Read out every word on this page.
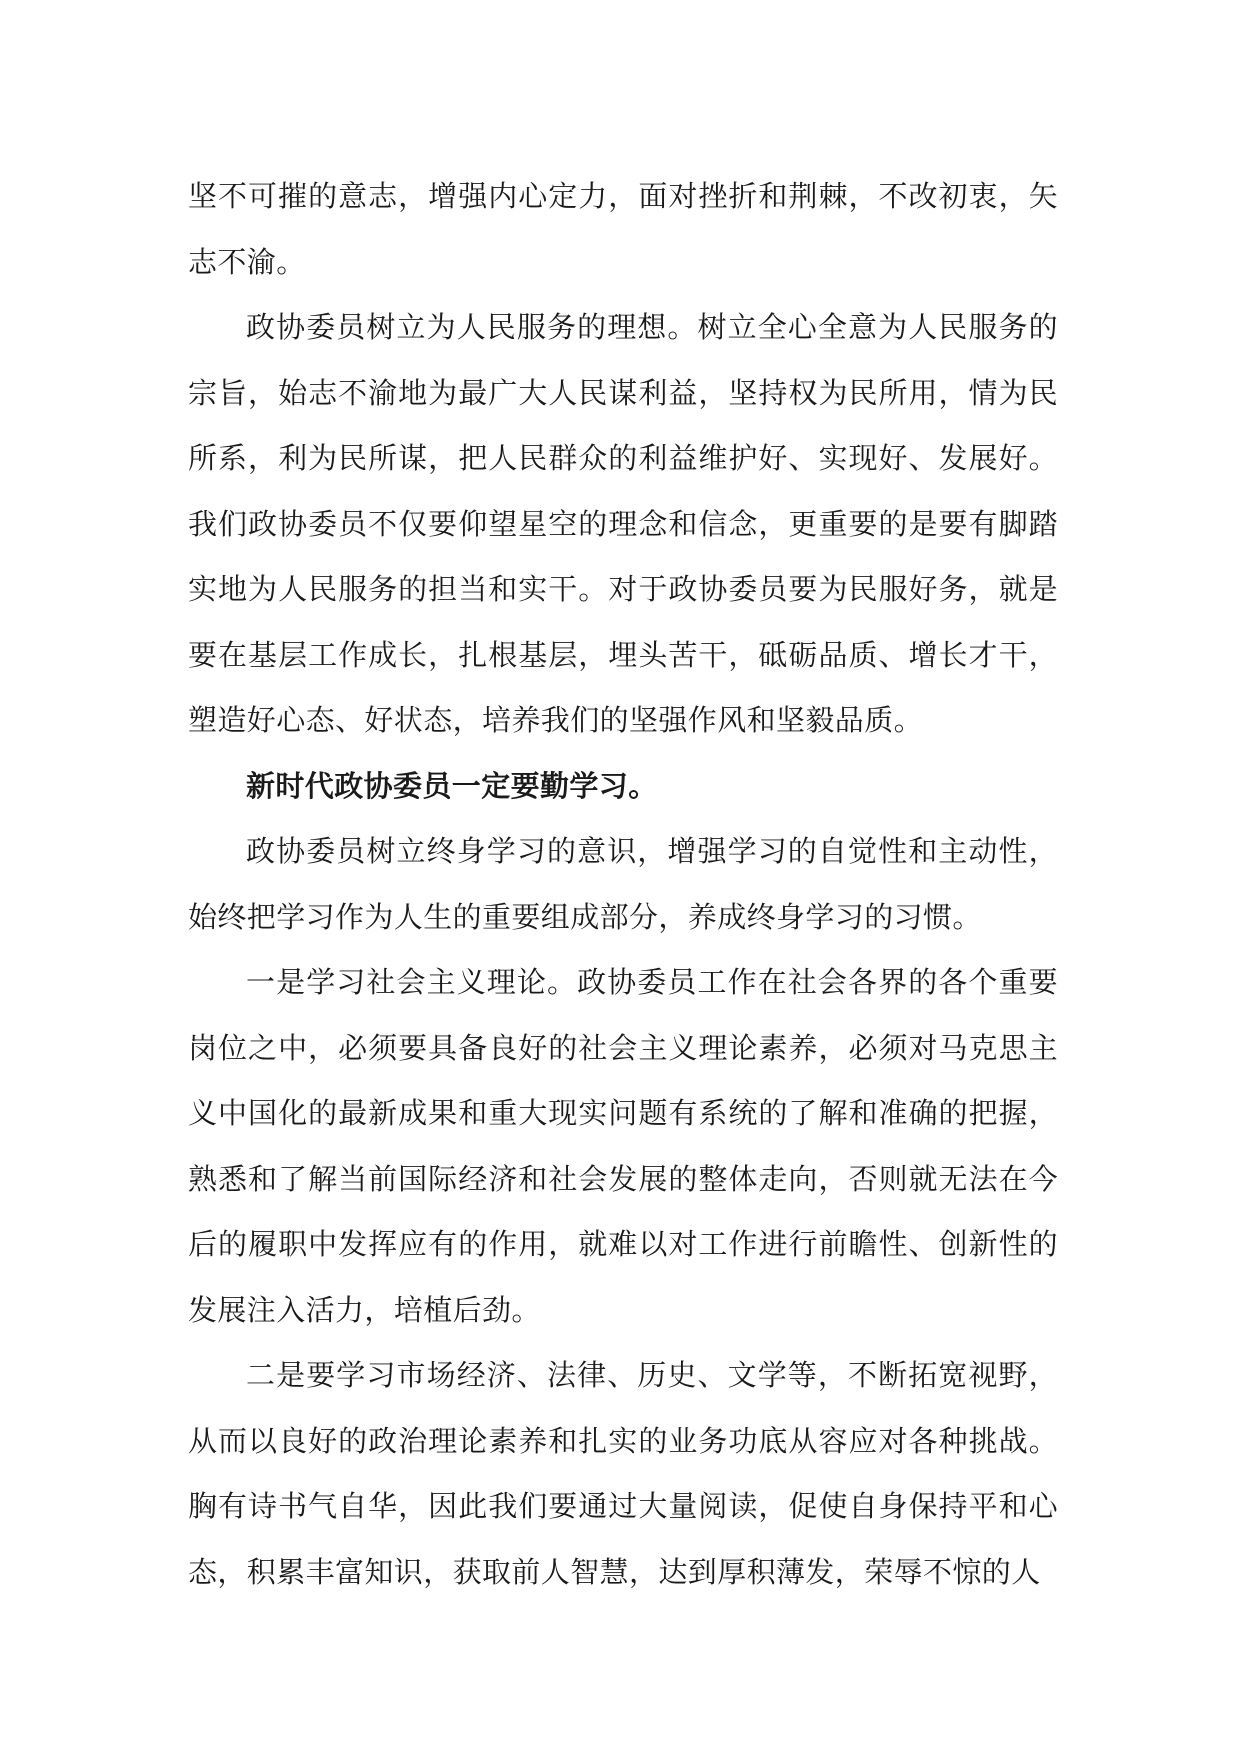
坚不可摧的意志，增强内心定力，面对挫折和荆棘，不改初衷，矢志不渝。

政协委员树立为人民服务的理想。树立全心全意为人民服务的宗旨，始志不渝地为最广大人民谋利益，坚持权为民所用，情为民所系，利为民所谋，把人民群众的利益维护好、实现好、发展好。我们政协委员不仅要仰望星空的理念和信念，更重要的是要有脚踏实地为人民服务的担当和实干。对于政协委员要为民服好务，就是要在基层工作成长，扎根基层，埋头苦干，砥砺品质、增长才干，塑造好心态、好状态，培养我们的坚强作风和坚毅品质。

新时代政协委员一定要勤学习。

政协委员树立终身学习的意识，增强学习的自觉性和主动性，始终把学习作为人生的重要组成部分，养成终身学习的习惯。

一是学习社会主义理论。政协委员工作在社会各界的各个重要岗位之中，必须要具备良好的社会主义理论素养，必须对马克思主义中国化的最新成果和重大现实问题有系统的了解和准确的把握，熟悉和了解当前国际经济和社会发展的整体走向，否则就无法在今后的履职中发挥应有的作用，就难以对工作进行前瞻性、创新性的发展注入活力，培植后劲。

二是要学习市场经济、法律、历史、文学等，不断拓宽视野，从而以良好的政治理论素养和扎实的业务功底从容应对各种挑战。胸有诗书气自华，因此我们要通过大量阅读，促使自身保持平和心态，积累丰富知识，获取前人智慧，达到厚积薄发，荣辱不惊的人
